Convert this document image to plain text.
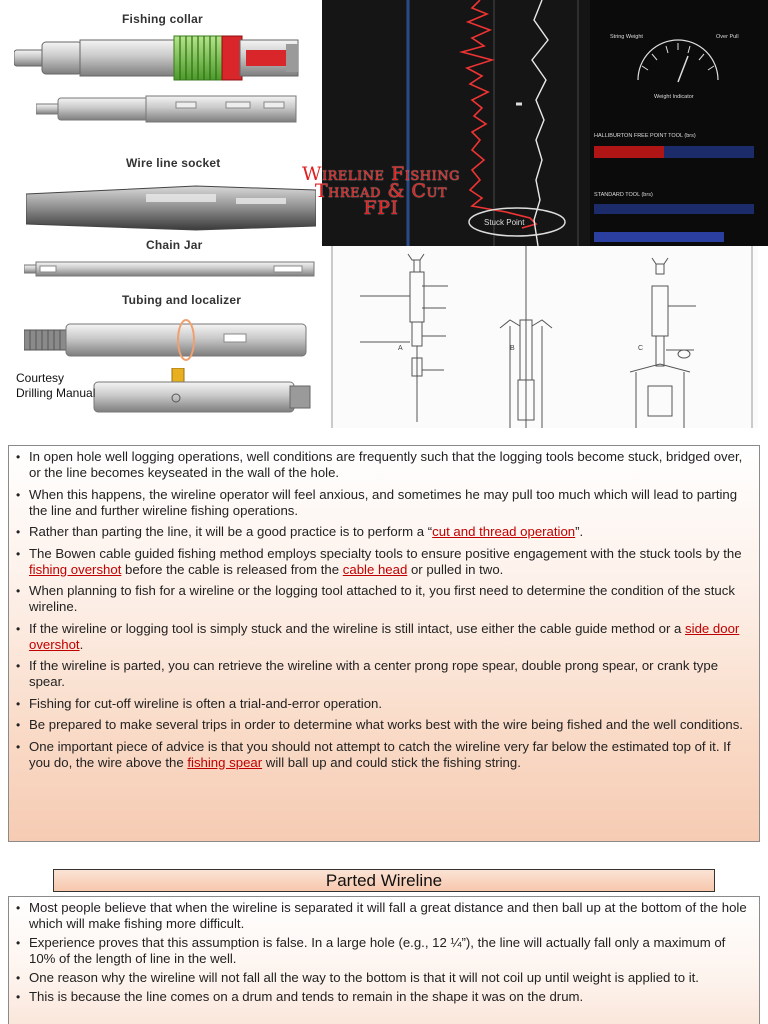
Fishing collar
Wire line socket
Chain Jar
Tubing and localizer
Courtesy
Drilling Manual
Stuck Point
String Weight	Over Pull
Weight Indicator
HALLIBURTON FREE POINT TOOL (brs)
STANDARD TOOL (brs)
A	B	C
Wireline Fishing
Thread & Cut
FPI
• In open hole well logging operations, well conditions are frequently such that the logging tools become stuck, bridged over, or the line becomes keyseated in the wall of the hole.
• When this happens, the wireline operator will feel anxious, and sometimes he may pull too much which will lead to parting the line and further wireline fishing operations.
• Rather than parting the line, it will be a good practice is to perform a “cut and thread operation”.
• The Bowen cable guided fishing method employs specialty tools to ensure positive engagement with the stuck tools by the fishing overshot before the cable is released from the cable head or pulled in two.
• When planning to fish for a wireline or the logging tool attached to it, you first need to determine the condition of the stuck wireline.
• If the wireline or logging tool is simply stuck and the wireline is still intact, use either the cable guide method or a side door overshot.
• If the wireline is parted, you can retrieve the wireline with a center prong rope spear, double prong spear, or crank type spear.
• Fishing for cut-off wireline is often a trial-and-error operation.
• Be prepared to make several trips in order to determine what works best with the wire being fished and the well conditions.
• One important piece of advice is that you should not attempt to catch the wireline very far below the estimated top of it. If you do, the wire above the fishing spear will ball up and could stick the fishing string.
Parted Wireline
• Most people believe that when the wireline is separated it will fall a great distance and then ball up at the bottom of the hole which will make fishing more difficult.
• Experience proves that this assumption is false. In a large hole (e.g., 12 ¼”), the line will actually fall only a maximum of 10% of the length of line in the well.
• One reason why the wireline will not fall all the way to the bottom is that it will not coil up until weight is applied to it.
• This is because the line comes on a drum and tends to remain in the shape it was on the drum.
